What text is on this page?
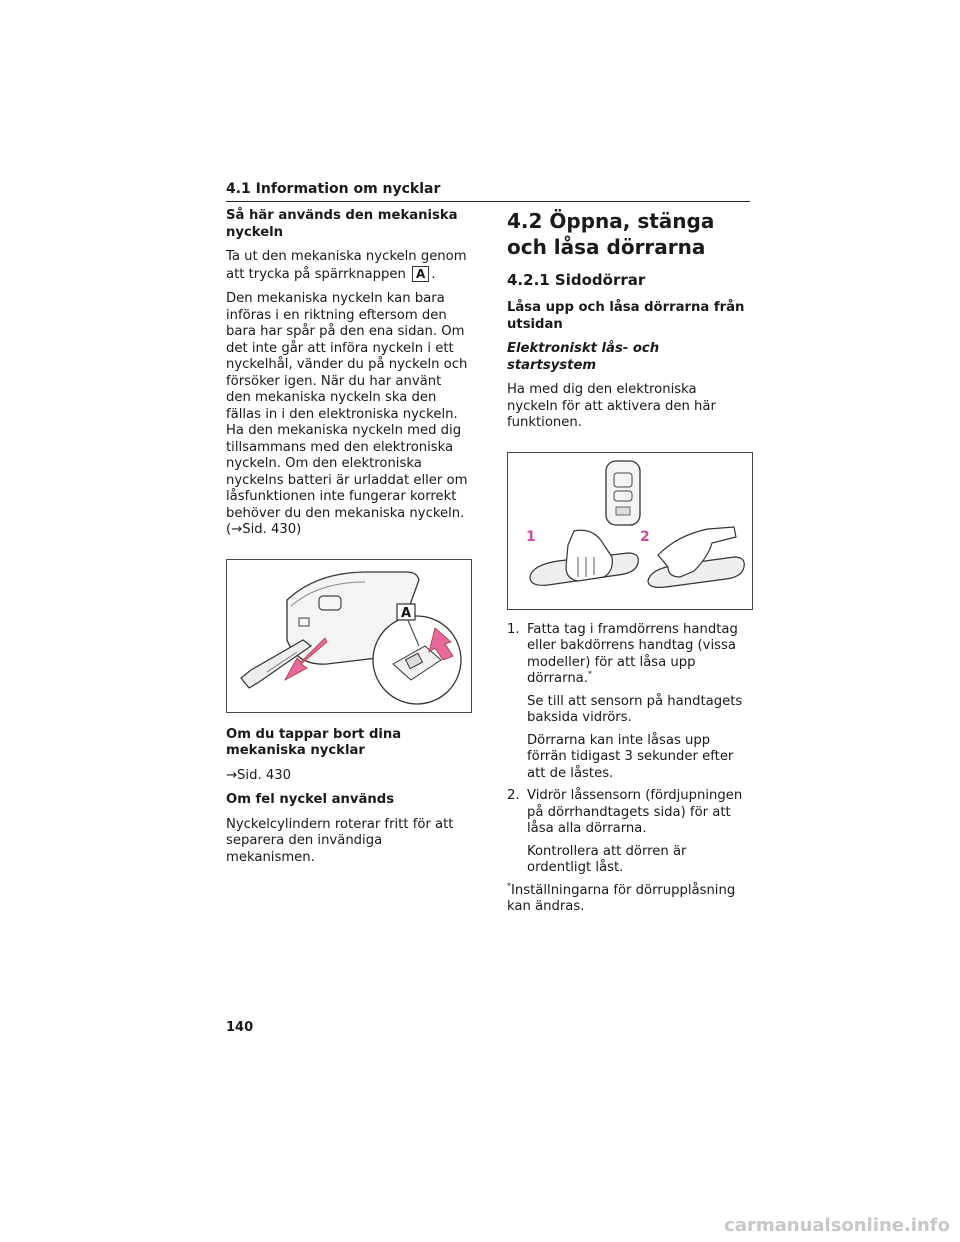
4.1 Information om nycklar
Så här används den mekaniska nyckeln

Ta ut den mekaniska nyckeln genom att trycka på spärrknappen A .

Den mekaniska nyckeln kan bara införas i en riktning eftersom den bara har spår på den ena sidan. Om det inte går att införa nyckeln i ett nyckelhål, vänder du på nyckeln och försöker igen. När du har använt den mekaniska nyckeln ska den fällas in i den elektroniska nyckeln. Ha den mekaniska nyckeln med dig tillsammans med den elektroniska nyckeln. Om den elektroniska nyckelns batteri är urladdat eller om låsfunktionen inte fungerar korrekt behöver du den mekaniska nyckeln. (→Sid. 430)

A
Om du tappar bort dina mekaniska nycklar

→Sid. 430

Om fel nyckel används

Nyckelcylindern roterar fritt för att separera den invändiga mekanismen.

4.2 Öppna, stänga och låsa dörrarna
4.2.1 Sidodörrar
Låsa upp och låsa dörrarna från utsidan
Elektroniskt lås- och startsystem

Ha med dig den elektroniska nyckeln för att aktivera den här funktionen.

1	2
1. Fatta tag i framdörrens handtag eller bakdörrens handtag (vissa modeller) för att låsa upp dörrarna.*
Se till att sensorn på handtagets baksida vidrörs.
Dörrarna kan inte låsas upp förrän tidigast 3 sekunder efter att de låstes.
2. Vidrör låssensorn (fördjupningen på dörrhandtagets sida) för att låsa alla dörrarna.
Kontrollera att dörren är ordentligt låst.

*Inställningarna för dörrupplåsning kan ändras.

140
carmanualsonline.info
